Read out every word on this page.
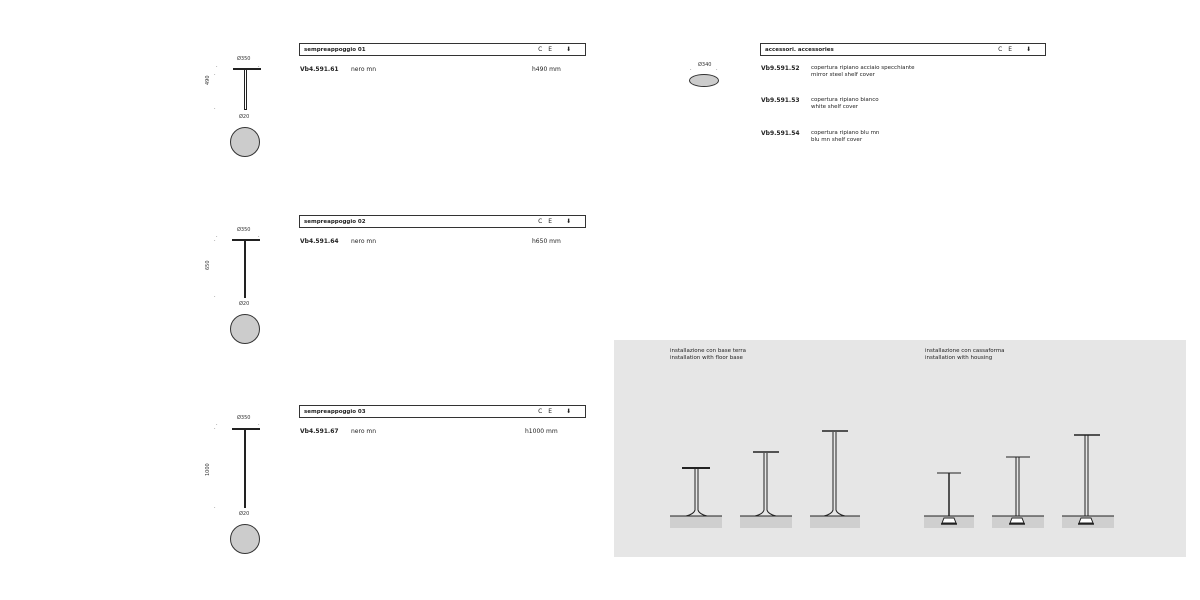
Ø350
·	·
490
·
·
Ø20
sempreappoggio 01	CE ⬇
Vb4.591.61 nero mn	h490 mm
Ø350
·	·
650
·
·
Ø20
sempreappoggio 02	CE ⬇
Vb4.591.64 nero mn	h650 mm
Ø350
·	·
1000
·
·
Ø20
sempreappoggio 03	CE ⬇
Vb4.591.67 nero mn	h1000 mm
Ø340
·	·
accessori. accessories	CE ⬇
Vb9.591.52 copertura ripiano acciaio specchiante
mirror steel shelf cover
Vb9.591.53 copertura ripiano bianco
white shelf cover
Vb9.591.54 copertura ripiano blu mn
blu mn shelf cover
installazione con base terra
installation with floor base
installazione con cassaforma
installation with housing
